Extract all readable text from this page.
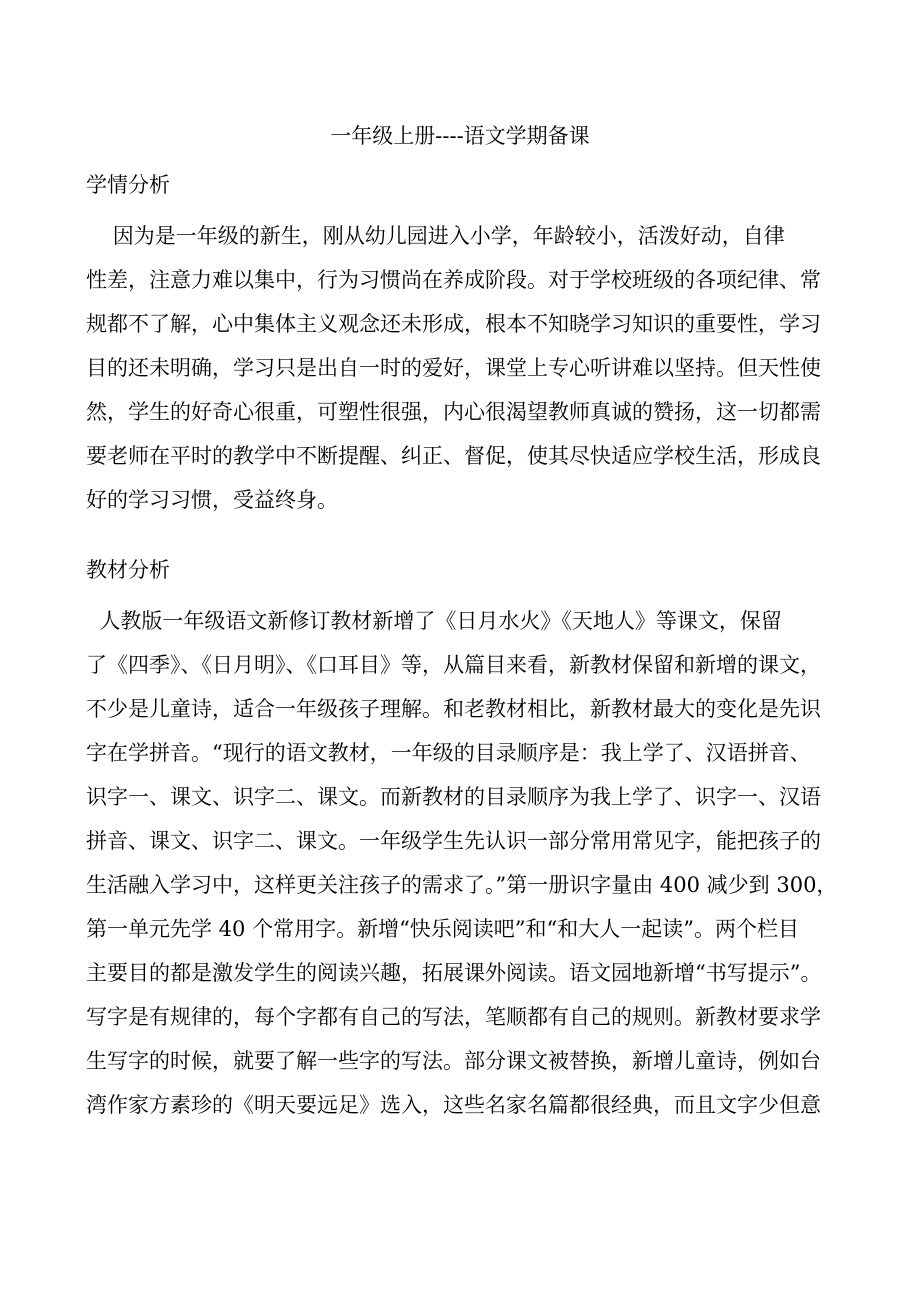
一年级上册----语文学期备课
学情分析
因为是一年级的新生，刚从幼儿园进入小学，年龄较小，活泼好动，自律
性差，注意力难以集中，行为习惯尚在养成阶段。对于学校班级的各项纪律、常
规都不了解，心中集体主义观念还未形成，根本不知晓学习知识的重要性，学习
目的还未明确，学习只是出自一时的爱好，课堂上专心听讲难以坚持。但天性使
然，学生的好奇心很重，可塑性很强，内心很渴望教师真诚的赞扬，这一切都需
要老师在平时的教学中不断提醒、纠正、督促，使其尽快适应学校生活，形成良
好的学习习惯，受益终身。
教材分析
人教版一年级语文新修订教材新增了《日月水火》《天地人》等课文，保留
了《四季》、《日月明》、《口耳目》等，从篇目来看，新教材保留和新增的课文，
不少是儿童诗，适合一年级孩子理解。和老教材相比，新教材最大的变化是先识
字在学拼音。“现行的语文教材，一年级的目录顺序是：我上学了、汉语拼音、
识字一、课文、识字二、课文。而新教材的目录顺序为我上学了、识字一、汉语
拼音、课文、识字二、课文。一年级学生先认识一部分常用常见字，能把孩子的
生活融入学习中，这样更关注孩子的需求了。”第一册识字量由 400 减少到 300，
第一单元先学 40 个常用字。新增“快乐阅读吧”和“和大人一起读”。两个栏目
主要目的都是激发学生的阅读兴趣，拓展课外阅读。语文园地新增“书写提示”。
写字是有规律的，每个字都有自己的写法，笔顺都有自己的规则。新教材要求学
生写字的时候，就要了解一些字的写法。部分课文被替换，新增儿童诗，例如台
湾作家方素珍的《明天要远足》选入，这些名家名篇都很经典，而且文字少但意
